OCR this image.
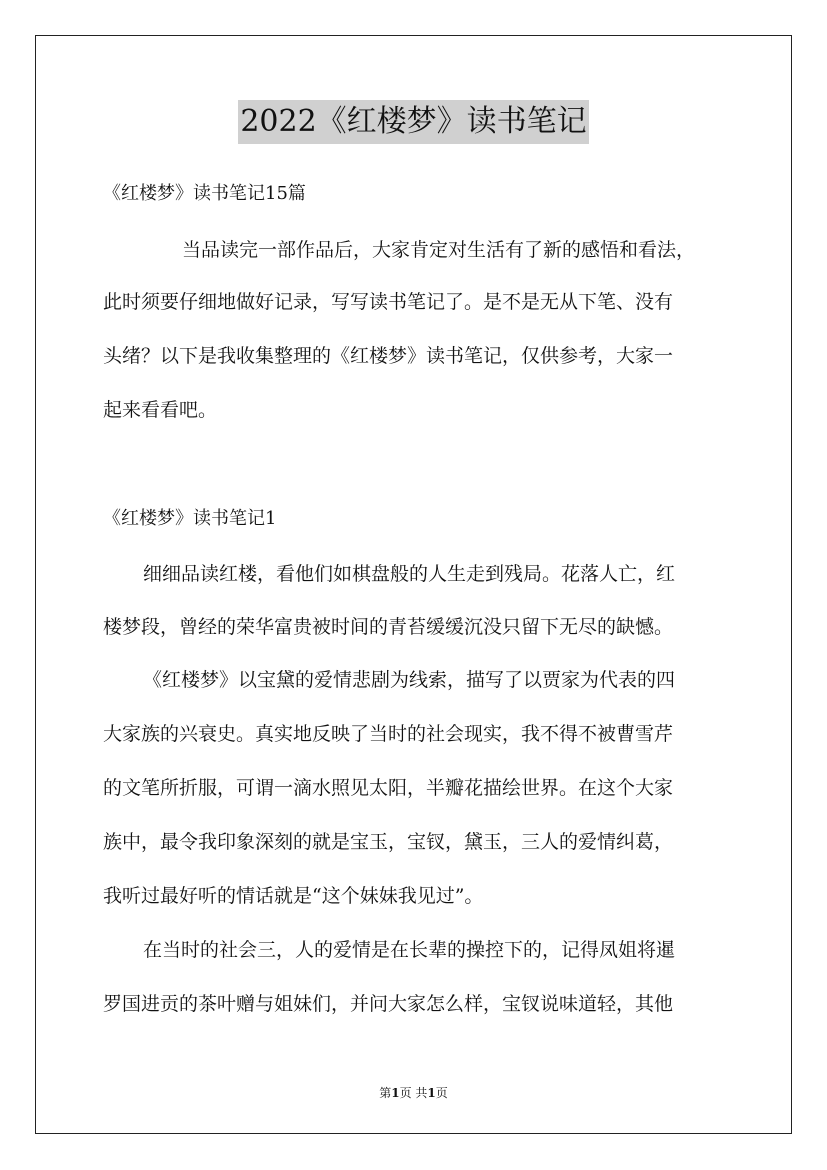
2022《红楼梦》读书笔记
《红楼梦》读书笔记15篇
当品读完一部作品后，大家肯定对生活有了新的感悟和看法，
此时须要仔细地做好记录，写写读书笔记了。是不是无从下笔、没有
头绪？以下是我收集整理的《红楼梦》读书笔记，仅供参考，大家一
起来看看吧。
《红楼梦》读书笔记1
细细品读红楼，看他们如棋盘般的人生走到残局。花落人亡，红
楼梦段，曾经的荣华富贵被时间的青苔缓缓沉没只留下无尽的缺憾。
《红楼梦》以宝黛的爱情悲剧为线索，描写了以贾家为代表的四
大家族的兴衰史。真实地反映了当时的社会现实，我不得不被曹雪芹
的文笔所折服，可谓一滴水照见太阳，半瓣花描绘世界。在这个大家
族中，最令我印象深刻的就是宝玉，宝钗，黛玉，三人的爱情纠葛，
我听过最好听的情话就是“这个妹妹我见过”。
在当时的社会三，人的爱情是在长辈的操控下的，记得凤姐将暹
罗国进贡的茶叶赠与姐妹们，并问大家怎么样，宝钗说味道轻，其他
第1页 共1页
